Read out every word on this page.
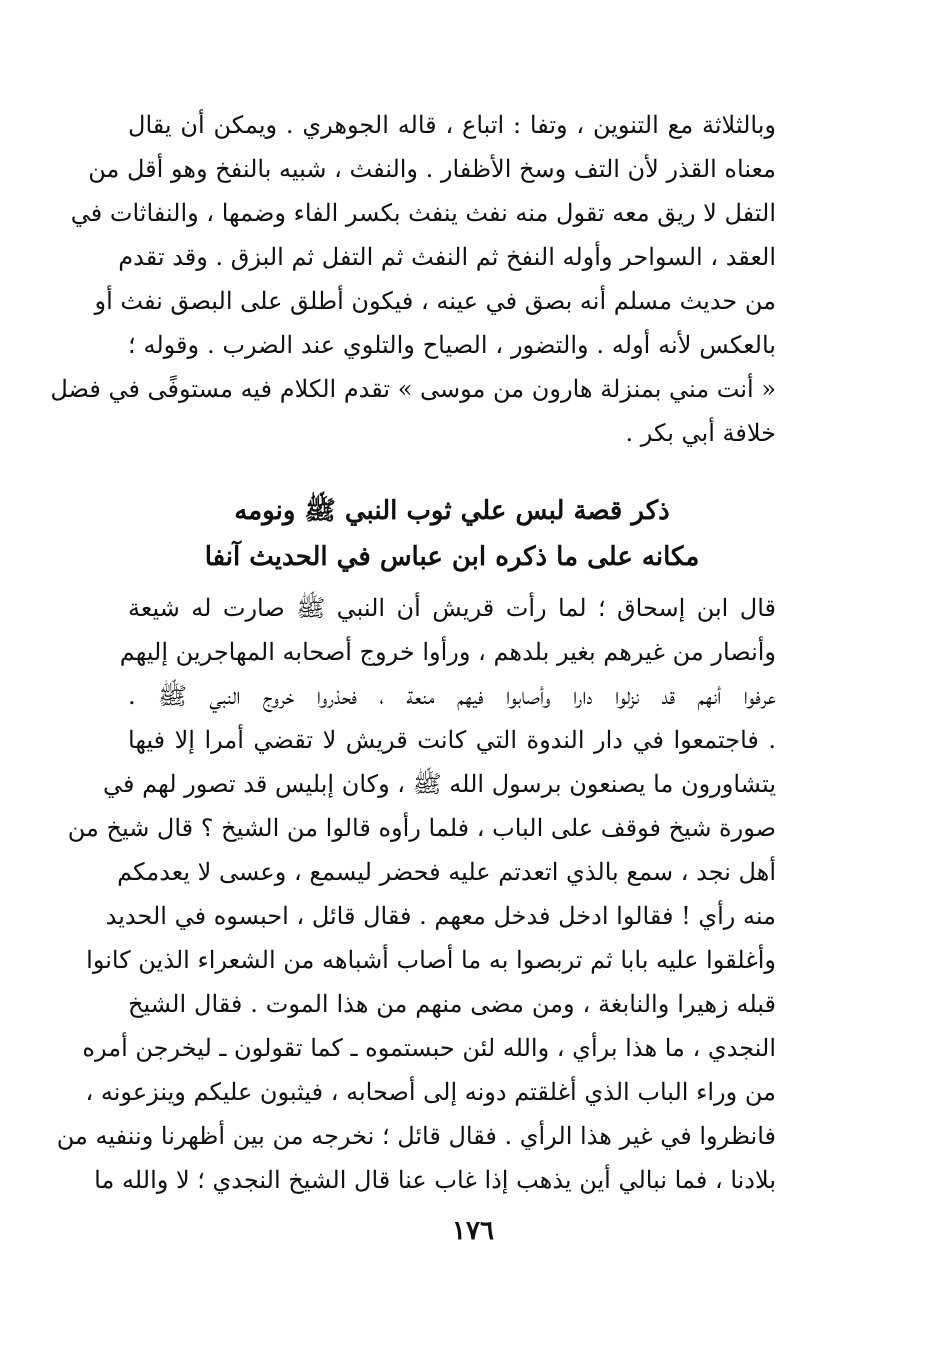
وبالثلاثة مع التنوين ، وتفا : اتباع ، قاله الجوهري . ويمكن أن يقال
معناه القذر لأن التف وسخ الأظفار . والنفث ، شبيه بالنفخ وهو أقل من
التفل لا ريق معه تقول منه نفث ينفث بكسر الفاء وضمها ، والنفاثات في
العقد ، السواحر وأوله النفخ ثم النفث ثم التفل ثم البزق . وقد تقدم
من حديث مسلم أنه بصق في عينه ، فيكون أطلق على البصق نفث أو
بالعكس لأنه أوله . والتضور ، الصياح والتلوي عند الضرب . وقوله ؛
« أنت مني بمنزلة هارون من موسى » تقدم الكلام فيه مستوفًى في فضل
خلافة أبي بكر .
ذكر قصة لبس علي ثوب النبي ﷺ ونومه
مكانه على ما ذكره ابن عباس في الحديث آنفا
قال ابن إسحاق ؛ لما رأت قريش أن النبي ﷺ صارت له شيعة
وأنصار من غيرهم بغير بلدهم ، ورأوا خروج أصحابه المهاجرين إليهم
عرفوا أنهم قد نزلوا دارا وأصابوا فيهم منعة ، فحذروا خروج النبي ﷺ .
. فاجتمعوا في دار الندوة التي كانت قريش لا تقضي أمرا إلا فيها
يتشاورون ما يصنعون برسول الله ﷺ ، وكان إبليس قد تصور لهم في
صورة شيخ فوقف على الباب ، فلما رأوه قالوا من الشيخ ؟ قال شيخ من
أهل نجد ، سمع بالذي اتعدتم عليه فحضر ليسمع ، وعسى لا يعدمكم
منه رأي ! فقالوا ادخل فدخل معهم . فقال قائل ، احبسوه في الحديد
وأغلقوا عليه بابا ثم تربصوا به ما أصاب أشباهه من الشعراء الذين كانوا
قبله زهيرا والنابغة ، ومن مضى منهم من هذا الموت . فقال الشيخ
النجدي ، ما هذا برأي ، والله لئن حبستموه ـ كما تقولون ـ ليخرجن أمره
من وراء الباب الذي أغلقتم دونه إلى أصحابه ، فيثبون عليكم وينزعونه ،
فانظروا في غير هذا الرأي . فقال قائل ؛ نخرجه من بين أظهرنا وننفيه من
بلادنا ، فما نبالي أين يذهب إذا غاب عنا قال الشيخ النجدي ؛ لا والله ما
١٧٦
